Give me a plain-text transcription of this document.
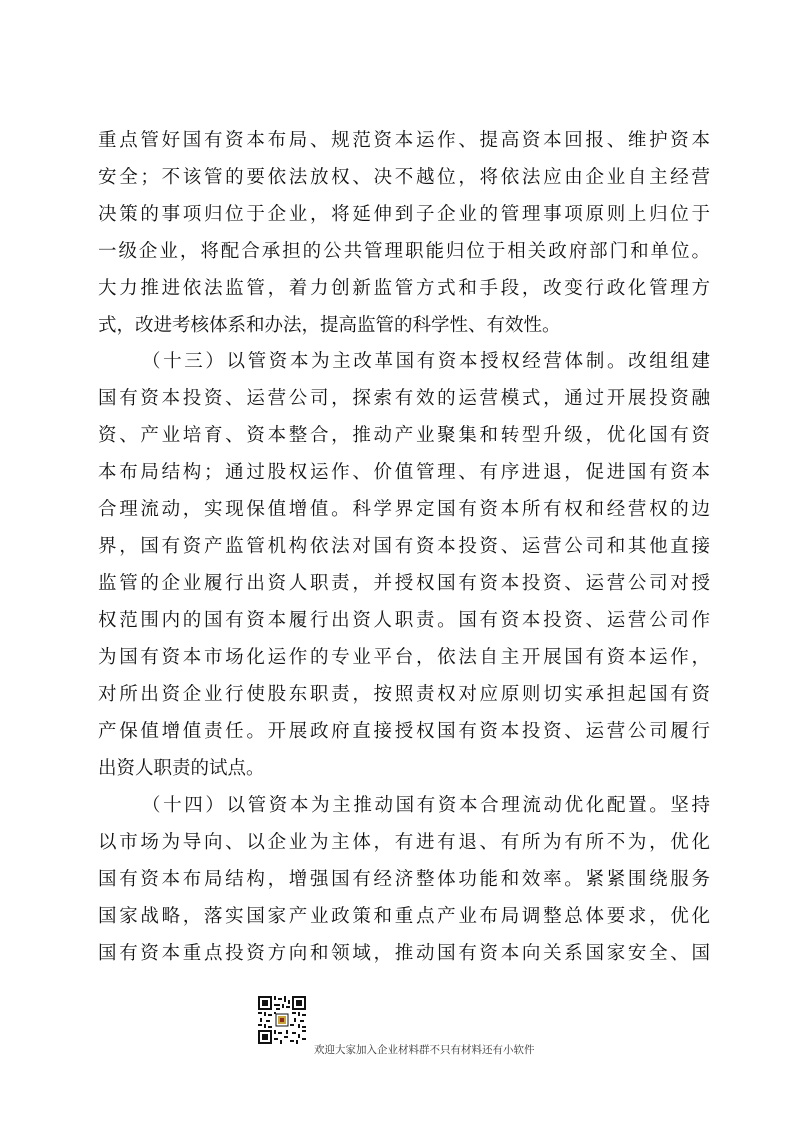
重点管好国有资本布局、规范资本运作、提高资本回报、维护资本
安全；不该管的要依法放权、决不越位，将依法应由企业自主经营
决策的事项归位于企业，将延伸到子企业的管理事项原则上归位于
一级企业，将配合承担的公共管理职能归位于相关政府部门和单位。
大力推进依法监管，着力创新监管方式和手段，改变行政化管理方
式，改进考核体系和办法，提高监管的科学性、有效性。
（十三）以管资本为主改革国有资本授权经营体制。改组组建
国有资本投资、运营公司，探索有效的运营模式，通过开展投资融
资、产业培育、资本整合，推动产业聚集和转型升级，优化国有资
本布局结构；通过股权运作、价值管理、有序进退，促进国有资本
合理流动，实现保值增值。科学界定国有资本所有权和经营权的边
界，国有资产监管机构依法对国有资本投资、运营公司和其他直接
监管的企业履行出资人职责，并授权国有资本投资、运营公司对授
权范围内的国有资本履行出资人职责。国有资本投资、运营公司作
为国有资本市场化运作的专业平台，依法自主开展国有资本运作，
对所出资企业行使股东职责，按照责权对应原则切实承担起国有资
产保值增值责任。开展政府直接授权国有资本投资、运营公司履行
出资人职责的试点。
（十四）以管资本为主推动国有资本合理流动优化配置。坚持
以市场为导向、以企业为主体，有进有退、有所为有所不为，优化
国有资本布局结构，增强国有经济整体功能和效率。紧紧围绕服务
国家战略，落实国家产业政策和重点产业布局调整总体要求，优化
国有资本重点投资方向和领域，推动国有资本向关系国家安全、国
欢迎大家加入企业材料群不只有材料还有小软件
